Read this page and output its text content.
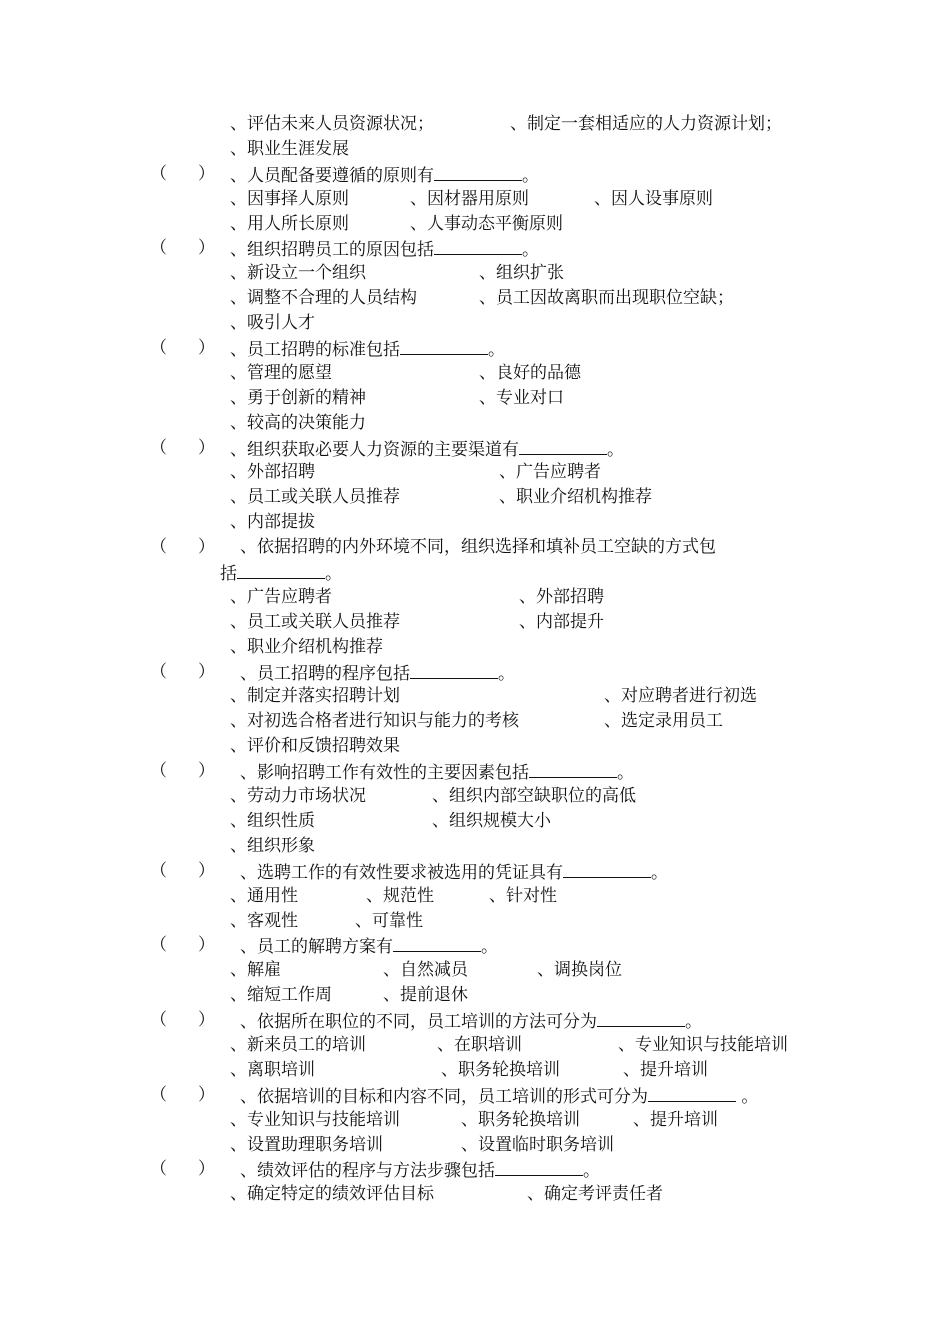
、评估未来人员资源状况；	、制定一套相适应的人力资源计划；
、职业生涯发展
（ ） 、人员配备要遵循的原则有	。
、因事择人原则	、因材器用原则	、因人设事原则
、用人所长原则	、人事动态平衡原则
（ ） 、组织招聘员工的原因包括	。
、新设立一个组织	、组织扩张
、调整不合理的人员结构	、员工因故离职而出现职位空缺；
、吸引人才
（ ） 、员工招聘的标准包括	。
、管理的愿望	、良好的品德
、勇于创新的精神	、专业对口
、较高的决策能力
（ ） 、组织获取必要人力资源的主要渠道有	。
、外部招聘	、广告应聘者
、员工或关联人员推荐	、职业介绍机构推荐
、内部提拔
（ ） 、依据招聘的内外环境不同，组织选择和填补员工空缺的方式包
括	。
、广告应聘者	、外部招聘
、员工或关联人员推荐	、内部提升
、职业介绍机构推荐
（ ） 、员工招聘的程序包括	。
、制定并落实招聘计划	、对应聘者进行初选
、对初选合格者进行知识与能力的考核	、选定录用员工
、评价和反馈招聘效果
（ ） 、影响招聘工作有效性的主要因素包括	。
、劳动力市场状况	、组织内部空缺职位的高低
、组织性质	、组织规模大小
、组织形象
（ ） 、选聘工作的有效性要求被选用的凭证具有	。
、通用性	、规范性	、针对性
、客观性	、可靠性
（ ） 、员工的解聘方案有	。
、解雇	、自然减员	、调换岗位
、缩短工作周	、提前退休
（ ） 、依据所在职位的不同，员工培训的方法可分为	。
、新来员工的培训	、在职培训	、专业知识与技能培训
、离职培训	、职务轮换培训	、提升培训
（ ） 、依据培训的目标和内容不同，员工培训的形式可分为	。
、专业知识与技能培训	、职务轮换培训	、提升培训
、设置助理职务培训	、设置临时职务培训
（ ） 、绩效评估的程序与方法步骤包括	。
、确定特定的绩效评估目标	、确定考评责任者
